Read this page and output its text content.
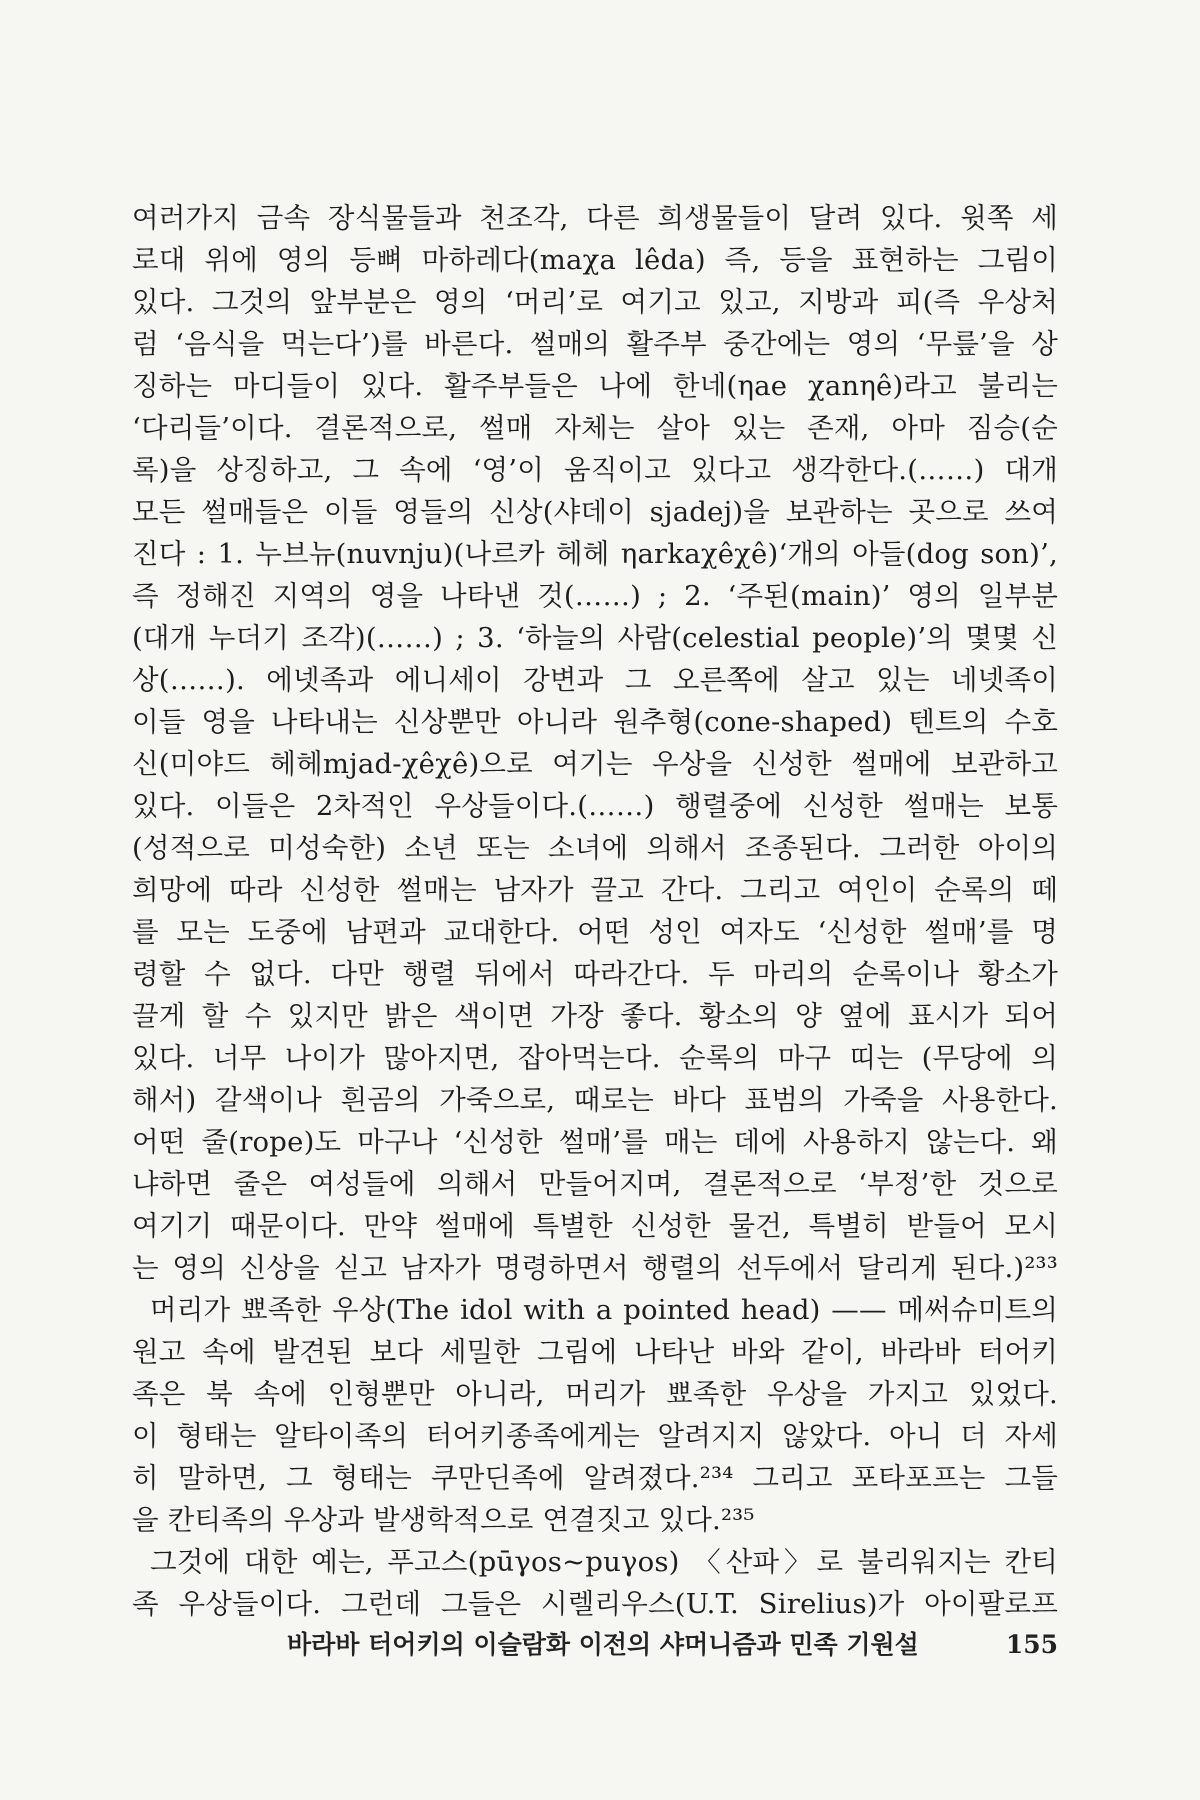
여러가지 금속 장식물들과 천조각, 다른 희생물들이 달려 있다. 윗쪽 세
로대 위에 영의 등뼈 마하레다(maχa lêda) 즉, 등을 표현하는 그림이
있다. 그것의 앞부분은 영의 ‘머리’로 여기고 있고, 지방과 피(즉 우상처
럼 ‘음식을 먹는다’)를 바른다. 썰매의 활주부 중간에는 영의 ‘무릎’을 상
징하는 마디들이 있다. 활주부들은 나에 한네(ηae χanηê)라고 불리는
‘다리들’이다. 결론적으로, 썰매 자체는 살아 있는 존재, 아마 짐승(순
록)을 상징하고, 그 속에 ‘영’이 움직이고 있다고 생각한다.(……) 대개
모든 썰매들은 이들 영들의 신상(샤데이 sjadej)을 보관하는 곳으로 쓰여
진다 : 1. 누브뉴(nuvnju)(나르카 헤헤 ηarkaχêχê)‘개의 아들(dog son)’,
즉 정해진 지역의 영을 나타낸 것(……) ; 2. ‘주된(main)’ 영의 일부분
(대개 누더기 조각)(……) ; 3. ‘하늘의 사람(celestial people)’의 몇몇 신
상(……). 에넷족과 에니세이 강변과 그 오른쪽에 살고 있는 네넷족이
이들 영을 나타내는 신상뿐만 아니라 원추형(cone-shaped) 텐트의 수호
신(미야드 헤헤mjad-χêχê)으로 여기는 우상을 신성한 썰매에 보관하고
있다. 이들은 2차적인 우상들이다.(……) 행렬중에 신성한 썰매는 보통
(성적으로 미성숙한) 소년 또는 소녀에 의해서 조종된다. 그러한 아이의
희망에 따라 신성한 썰매는 남자가 끌고 간다. 그리고 여인이 순록의 떼
를 모는 도중에 남편과 교대한다. 어떤 성인 여자도 ‘신성한 썰매’를 명
령할 수 없다. 다만 행렬 뒤에서 따라간다. 두 마리의 순록이나 황소가
끌게 할 수 있지만 밝은 색이면 가장 좋다. 황소의 양 옆에 표시가 되어
있다. 너무 나이가 많아지면, 잡아먹는다. 순록의 마구 띠는 (무당에 의
해서) 갈색이나 흰곰의 가죽으로, 때로는 바다 표범의 가죽을 사용한다.
어떤 줄(rope)도 마구나 ‘신성한 썰매’를 매는 데에 사용하지 않는다. 왜
냐하면 줄은 여성들에 의해서 만들어지며, 결론적으로 ‘부정’한 것으로
여기기 때문이다. 만약 썰매에 특별한 신성한 물건, 특별히 받들어 모시
는 영의 신상을 싣고 남자가 명령하면서 행렬의 선두에서 달리게 된다.)²³³
머리가 뾰족한 우상(The idol with a pointed head) —— 메써슈미트의
원고 속에 발견된 보다 세밀한 그림에 나타난 바와 같이, 바라바 터어키
족은 북 속에 인형뿐만 아니라, 머리가 뾰족한 우상을 가지고 있었다.
이 형태는 알타이족의 터어키종족에게는 알려지지 않았다. 아니 더 자세
히 말하면, 그 형태는 쿠만딘족에 알려졌다.²³⁴ 그리고 포타포프는 그들
을 칸티족의 우상과 발생학적으로 연결짓고 있다.²³⁵
그것에 대한 예는, 푸고스(pūγos~puγos) 〈산파〉로 불리워지는 칸티
족 우상들이다. 그런데 그들은 시렐리우스(U.T. Sirelius)가 아이팔로프
바라바 터어키의 이슬람화 이전의 샤머니즘과 민족 기원설	155
